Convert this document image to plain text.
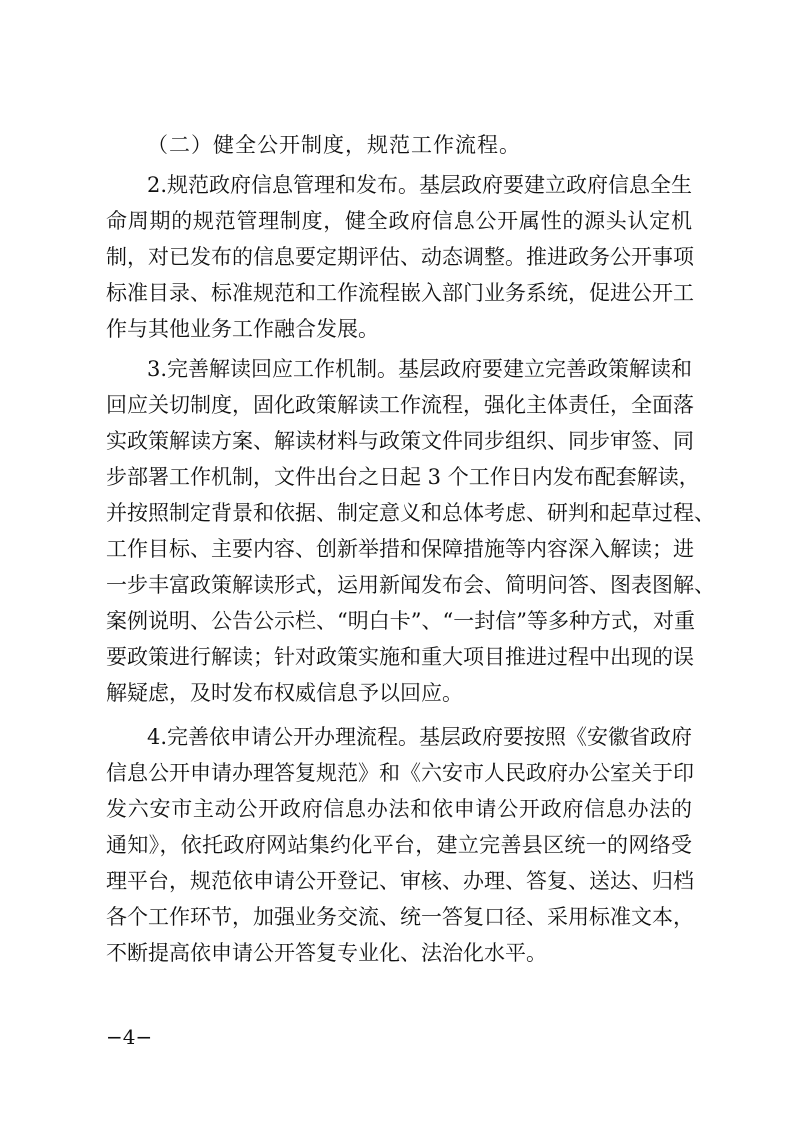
（二）健全公开制度，规范工作流程。
2.规范政府信息管理和发布。基层政府要建立政府信息全生
命周期的规范管理制度，健全政府信息公开属性的源头认定机
制，对已发布的信息要定期评估、动态调整。推进政务公开事项
标准目录、标准规范和工作流程嵌入部门业务系统，促进公开工
作与其他业务工作融合发展。
3.完善解读回应工作机制。基层政府要建立完善政策解读和
回应关切制度，固化政策解读工作流程，强化主体责任，全面落
实政策解读方案、解读材料与政策文件同步组织、同步审签、同
步部署工作机制，文件出台之日起 3 个工作日内发布配套解读，
并按照制定背景和依据、制定意义和总体考虑、研判和起草过程、
工作目标、主要内容、创新举措和保障措施等内容深入解读；进
一步丰富政策解读形式，运用新闻发布会、简明问答、图表图解、
案例说明、公告公示栏、“明白卡”、“一封信”等多种方式，对重
要政策进行解读；针对政策实施和重大项目推进过程中出现的误
解疑虑，及时发布权威信息予以回应。
4.完善依申请公开办理流程。基层政府要按照《安徽省政府
信息公开申请办理答复规范》和《六安市人民政府办公室关于印
发六安市主动公开政府信息办法和依申请公开政府信息办法的
通知》，依托政府网站集约化平台，建立完善县区统一的网络受
理平台，规范依申请公开登记、审核、办理、答复、送达、归档
各个工作环节，加强业务交流、统一答复口径、采用标准文本，
不断提高依申请公开答复专业化、法治化水平。
−4−
